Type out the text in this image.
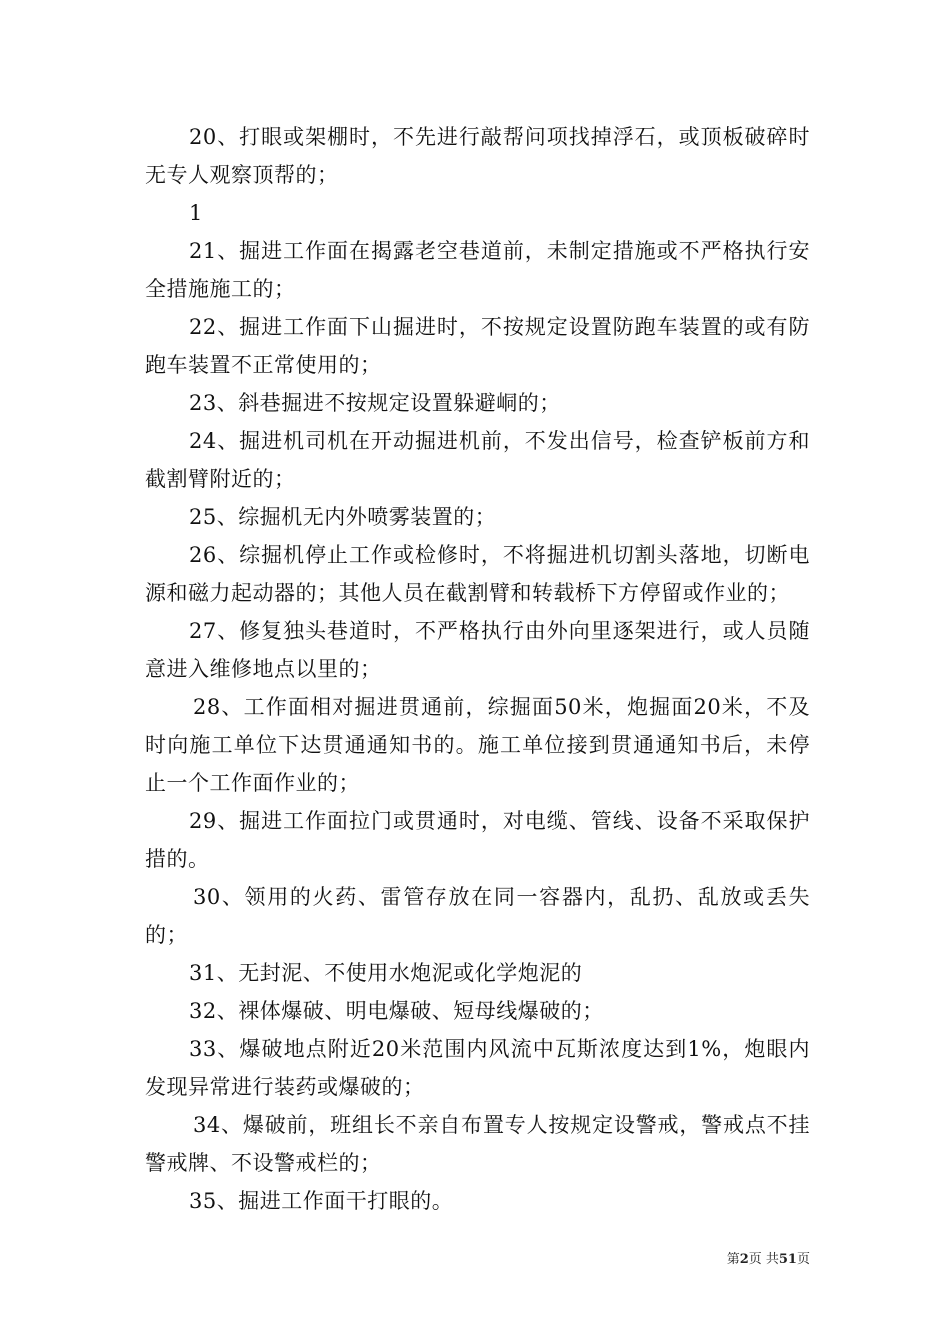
20、打眼或架棚时，不先进行敲帮问项找掉浮石，或顶板破碎时无专人观察顶帮的；

1

21、掘进工作面在揭露老空巷道前，未制定措施或不严格执行安全措施施工的；

22、掘进工作面下山掘进时，不按规定设置防跑车装置的或有防跑车装置不正常使用的；

23、斜巷掘进不按规定设置躲避峒的；

24、掘进机司机在开动掘进机前，不发出信号，检查铲板前方和截割臂附近的；

25、综掘机无内外喷雾装置的；

26、综掘机停止工作或检修时，不将掘进机切割头落地，切断电源和磁力起动器的；其他人员在截割臂和转载桥下方停留或作业的；

27、修复独头巷道时，不严格执行由外向里逐架进行，或人员随意进入维修地点以里的；

28、工作面相对掘进贯通前，综掘面50米，炮掘面20米，不及时向施工单位下达贯通通知书的。施工单位接到贯通通知书后，未停止一个工作面作业的；

29、掘进工作面拉门或贯通时，对电缆、管线、设备不采取保护措的。

30、领用的火药、雷管存放在同一容器内，乱扔、乱放或丢失的；

31、无封泥、不使用水炮泥或化学炮泥的

32、裸体爆破、明电爆破、短母线爆破的；

33、爆破地点附近20米范围内风流中瓦斯浓度达到1%，炮眼内发现异常进行装药或爆破的；

34、爆破前，班组长不亲自布置专人按规定设警戒，警戒点不挂警戒牌、不设警戒栏的；

35、掘进工作面干打眼的。

第2页 共51页
